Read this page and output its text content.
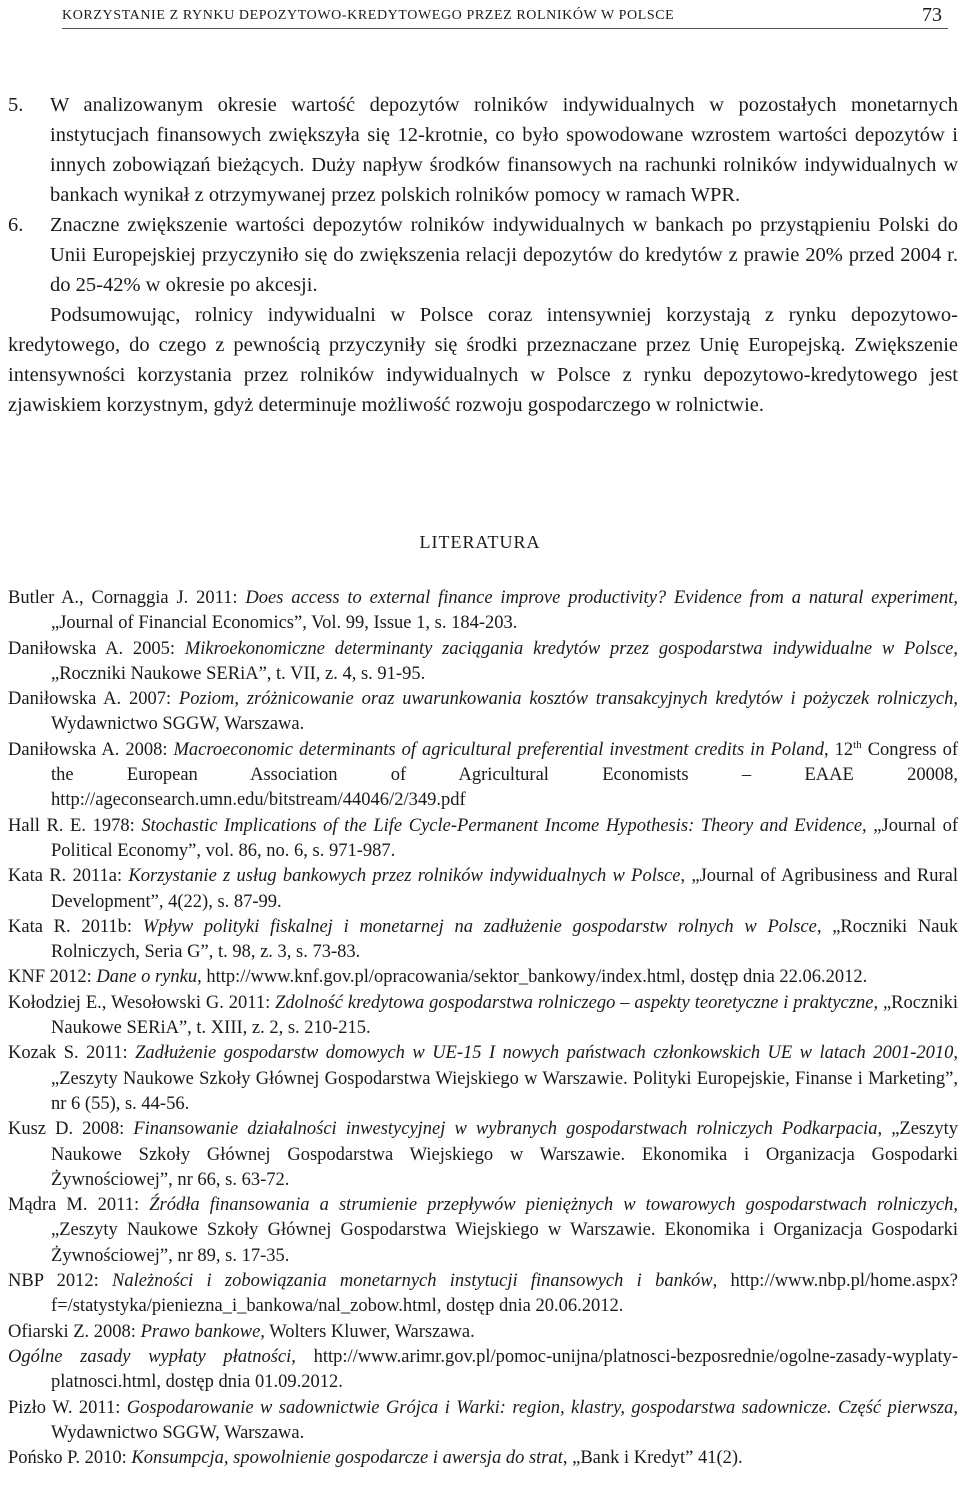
KORZYSTANIE Z RYNKU DEPOZYTOWO-KREDYTOWEGO PRZEZ ROLNIKÓW W POLSCE	73

5. W analizowanym okresie wartość depozytów rolników indywidualnych w pozostałych monetarnych instytucjach finansowych zwiększyła się 12-krotnie, co było spowodowane wzrostem wartości depozytów i innych zobowiązań bieżących. Duży napływ środków finansowych na rachunki rolników indywidualnych w bankach wynikał z otrzymywanej przez polskich rolników pomocy w ramach WPR.

6. Znaczne zwiększenie wartości depozytów rolników indywidualnych w bankach po przystąpieniu Polski do Unii Europejskiej przyczyniło się do zwiększenia relacji depozytów do kredytów z prawie 20% przed 2004 r. do 25-42% w okresie po akcesji.

Podsumowując, rolnicy indywidualni w Polsce coraz intensywniej korzystają z rynku depozytowo-kredytowego, do czego z pewnością przyczyniły się środki przeznaczane przez Unię Europejską. Zwiększenie intensywności korzystania przez rolników indywidualnych w Polsce z rynku depozytowo-kredytowego jest zjawiskiem korzystnym, gdyż determinuje możliwość rozwoju gospodarczego w rolnictwie.

LITERATURA

Butler A., Cornaggia J. 2011: Does access to external finance improve productivity? Evidence from a natural experiment, „Journal of Financial Economics”, Vol. 99, Issue 1, s. 184-203.

Daniłowska A. 2005: Mikroekonomiczne determinanty zaciągania kredytów przez gospodarstwa indywidualne w Polsce, „Roczniki Naukowe SERiA”, t. VII, z. 4, s. 91-95.

Daniłowska A. 2007: Poziom, zróżnicowanie oraz uwarunkowania kosztów transakcyjnych kredytów i pożyczek rolniczych, Wydawnictwo SGGW, Warszawa.

Daniłowska A. 2008: Macroeconomic determinants of agricultural preferential investment credits in Poland, 12th Congress of the European Association of Agricultural Economists – EAAE 20008, http://ageconsearch.umn.edu/bitstream/44046/2/349.pdf

Hall R. E. 1978: Stochastic Implications of the Life Cycle-Permanent Income Hypothesis: Theory and Evidence, „Journal of Political Economy”, vol. 86, no. 6, s. 971-987.

Kata R. 2011a: Korzystanie z usług bankowych przez rolników indywidualnych w Polsce, „Journal of Agribusiness and Rural Development”, 4(22), s. 87-99.

Kata R. 2011b: Wpływ polityki fiskalnej i monetarnej na zadłużenie gospodarstw rolnych w Polsce, „Roczniki Nauk Rolniczych, Seria G”, t. 98, z. 3, s. 73-83.

KNF 2012: Dane o rynku, http://www.knf.gov.pl/opracowania/sektor_bankowy/index.html, dostęp dnia 22.06.2012.

Kołodziej E., Wesołowski G. 2011: Zdolność kredytowa gospodarstwa rolniczego – aspekty teoretyczne i praktyczne, „Roczniki Naukowe SERiA”, t. XIII, z. 2, s. 210-215.

Kozak S. 2011: Zadłużenie gospodarstw domowych w UE-15 I nowych państwach członkowskich UE w latach 2001-2010, „Zeszyty Naukowe Szkoły Głównej Gospodarstwa Wiejskiego w Warszawie. Polityki Europejskie, Finanse i Marketing”, nr 6 (55), s. 44-56.

Kusz D. 2008: Finansowanie działalności inwestycyjnej w wybranych gospodarstwach rolniczych Podkarpacia, „Zeszyty Naukowe Szkoły Głównej Gospodarstwa Wiejskiego w Warszawie. Ekonomika i Organizacja Gospodarki Żywnościowej”, nr 66, s. 63-72.

Mądra M. 2011: Źródła finansowania a strumienie przepływów pieniężnych w towarowych gospodarstwach rolniczych, „Zeszyty Naukowe Szkoły Głównej Gospodarstwa Wiejskiego w Warszawie. Ekonomika i Organizacja Gospodarki Żywnościowej”, nr 89, s. 17-35.

NBP 2012: Należności i zobowiązania monetarnych instytucji finansowych i banków, http://www.nbp.pl/home.aspx?f=/statystyka/pieniezna_i_bankowa/nal_zobow.html, dostęp dnia 20.06.2012.

Ofiarski Z. 2008: Prawo bankowe, Wolters Kluwer, Warszawa.

Ogólne zasady wypłaty płatności, http://www.arimr.gov.pl/pomoc-unijna/platnosci-bezposrednie/ogolne-zasady-wyplaty-platnosci.html, dostęp dnia 01.09.2012.

Pizło W. 2011: Gospodarowanie w sadownictwie Grójca i Warki: region, klastry, gospodarstwa sadownicze. Część pierwsza, Wydawnictwo SGGW, Warszawa.

Pońsko P. 2010: Konsumpcja, spowolnienie gospodarcze i awersja do strat, „Bank i Kredyt” 41(2).
